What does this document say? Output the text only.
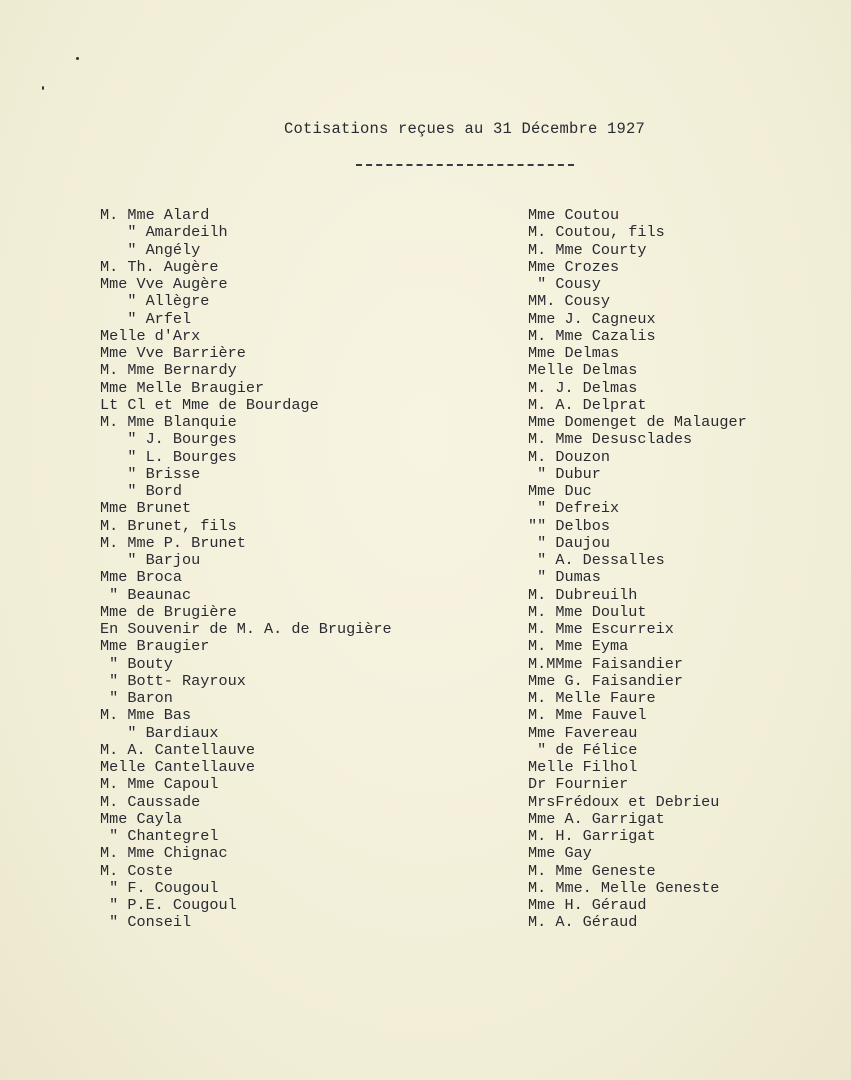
Cotisations reçues au 31 Décembre 1927
M. Mme Alard
" Amardeilh
" Angély
M. Th. Augère
Mme Vve Augère
" Allègre
" Arfel
Melle d'Arx
Mme Vve Barrière
M. Mme Bernardy
Mme Melle Braugier
Lt Cl et Mme de Bourdage
M. Mme Blanquie
" J. Bourges
" L. Bourges
" Brisse
" Bord
Mme Brunet
M. Brunet, fils
M. Mme P. Brunet
" Barjou
Mme Broca
" Beaunac
Mme de Brugière
En Souvenir de M. A. de Brugière
Mme Braugier
" Bouty
" Bott- Rayroux
" Baron
M. Mme Bas
" Bardiaux
M. A. Cantellauve
Melle Cantellauve
M. Mme Capoul
M. Caussade
Mme Cayla
" Chantegrel
M. Mme Chignac
M. Coste
" F. Cougoul
" P.E. Cougoul
" Conseil
Mme Coutou
M. Coutou, fils
M. Mme Courty
Mme Crozes
" Cousy
MM. Cousy
Mme J. Cagneux
M. Mme Cazalis
Mme Delmas
Melle Delmas
M. J. Delmas
M. A. Delprat
Mme Domenget de Malauger
M. Mme Desusclades
M. Douzon
" Dubur
Mme Duc
" Defreix
"" Delbos
" Daujou
" A. Dessalles
" Dumas
M. Dubreuilh
M. Mme Doulut
M. Mme Escurreix
M. Mme Eyma
M.MMme Faisandier
Mme G. Faisandier
M. Melle Faure
M. Mme Fauvel
Mme Favereau
" de Félice
Melle Filhol
Dr Fournier
MrsFrédoux et Debrieu
Mme A. Garrigat
M. H. Garrigat
Mme Gay
M. Mme Geneste
M. Mme. Melle Geneste
Mme H. Géraud
M. A. Géraud
